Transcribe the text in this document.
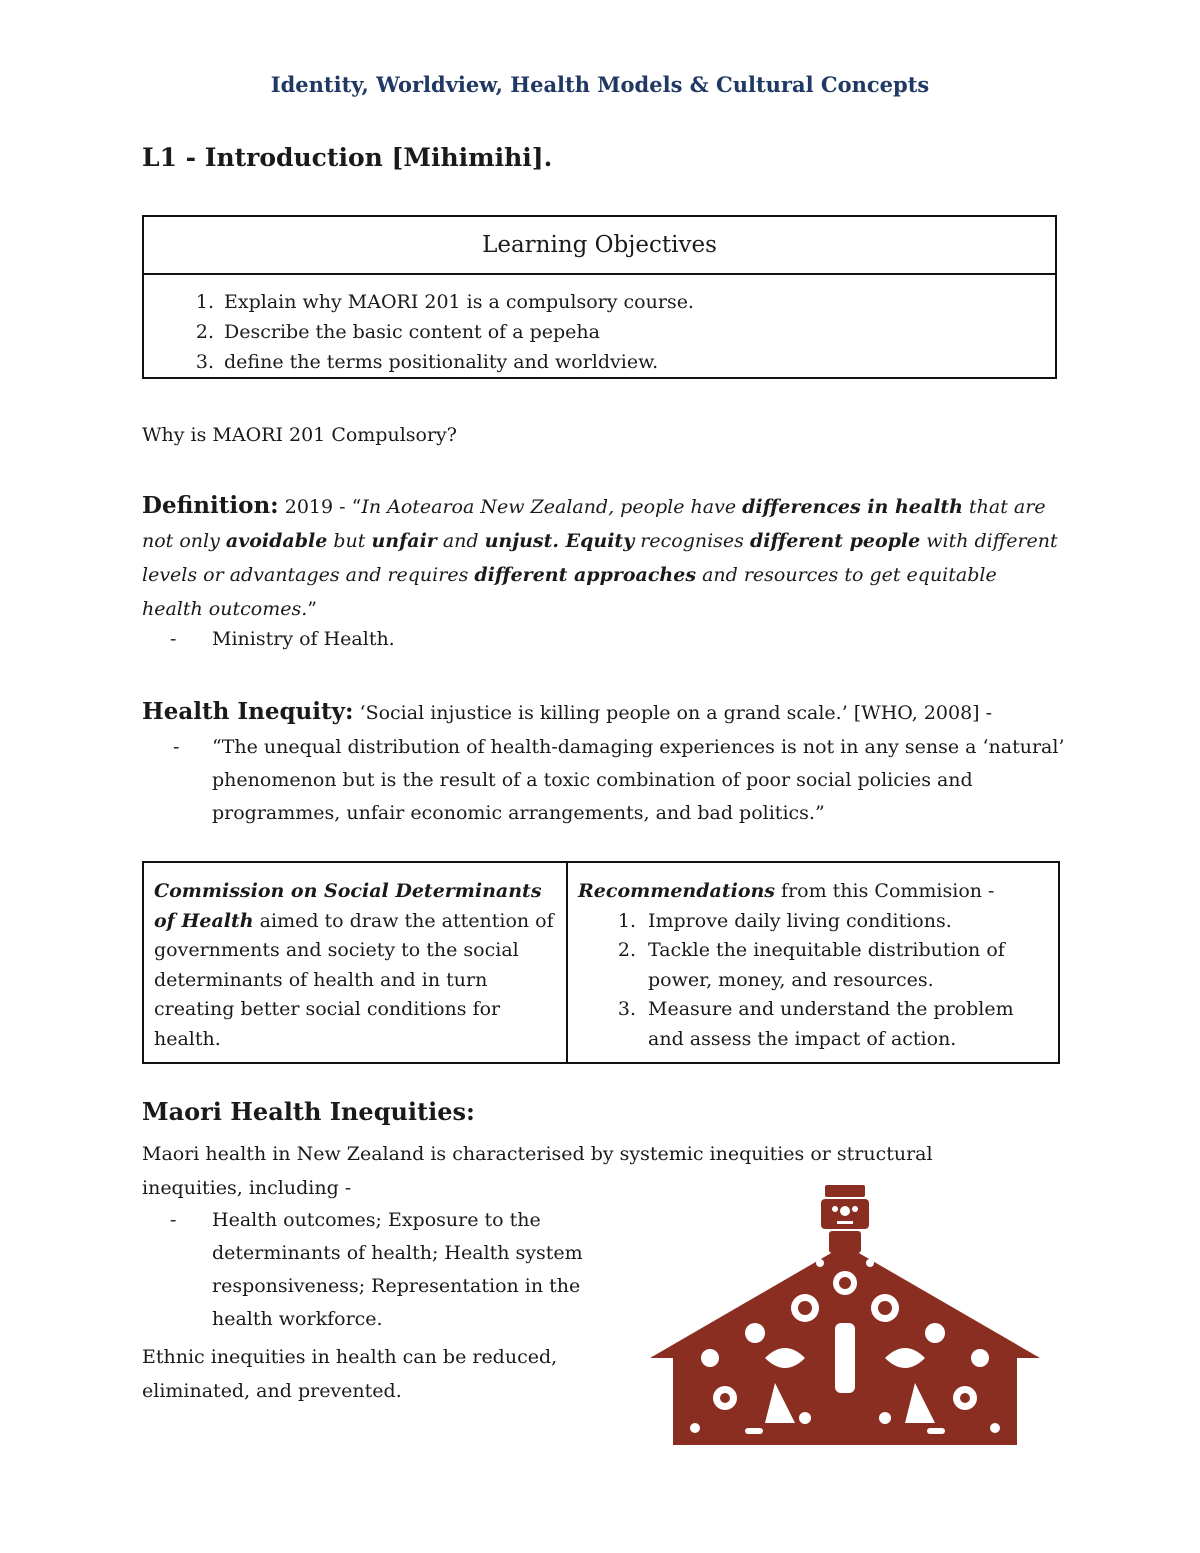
Identity, Worldview, Health Models & Cultural Concepts
L1 - Introduction [Mihimihi].
Learning Objectives
1. Explain why MAORI 201 is a compulsory course.
2. Describe the basic content of a pepeha
3. define the terms positionality and worldview.
Why is MAORI 201 Compulsory?
Definition: 2019 - “In Aotearoa New Zealand, people have differences in health that are not only avoidable but unfair and unjust. Equity recognises different people with different levels or advantages and requires different approaches and resources to get equitable health outcomes.”
- Ministry of Health.
Health Inequity: ‘Social injustice is killing people on a grand scale.’ [WHO, 2008] -
- “The unequal distribution of health-damaging experiences is not in any sense a ‘natural’ phenomenon but is the result of a toxic combination of poor social policies and programmes, unfair economic arrangements, and bad politics.”
Commission on Social Determinants of Health aimed to draw the attention of governments and society to the social determinants of health and in turn creating better social conditions for health.	
Recommendations from this Commision -
1. Improve daily living conditions.
2. Tackle the inequitable distribution of power, money, and resources.
3. Measure and understand the problem and assess the impact of action.
Maori Health Inequities:
Maori health in New Zealand is characterised by systemic inequities or structural inequities, including -
- Health outcomes; Exposure to the determinants of health; Health system responsiveness; Representation in the health workforce.
Ethnic inequities in health can be reduced, eliminated, and prevented.
